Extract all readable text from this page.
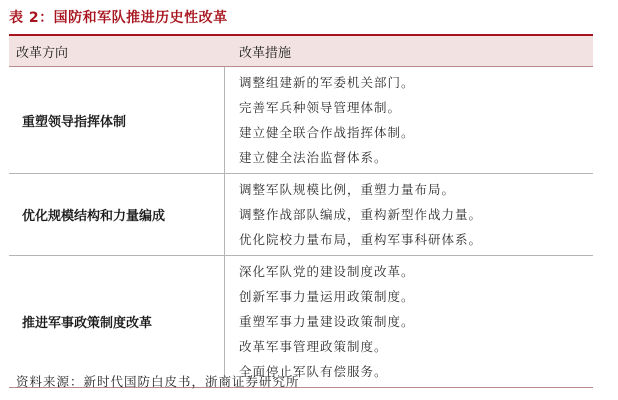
表 2：国防和军队推进历史性改革
改革方向	改革措施
重塑领导指挥体制
调整组建新的军委机关部门。
完善军兵种领导管理体制。
建立健全联合作战指挥体制。
建立健全法治监督体系。
优化规模结构和力量编成
调整军队规模比例，重塑力量布局。
调整作战部队编成，重构新型作战力量。
优化院校力量布局，重构军事科研体系。
推进军事政策制度改革
深化军队党的建设制度改革。
创新军事力量运用政策制度。
重塑军事力量建设政策制度。
改革军事管理政策制度。
全面停止军队有偿服务。
资料来源：新时代国防白皮书，浙商证券研究所
